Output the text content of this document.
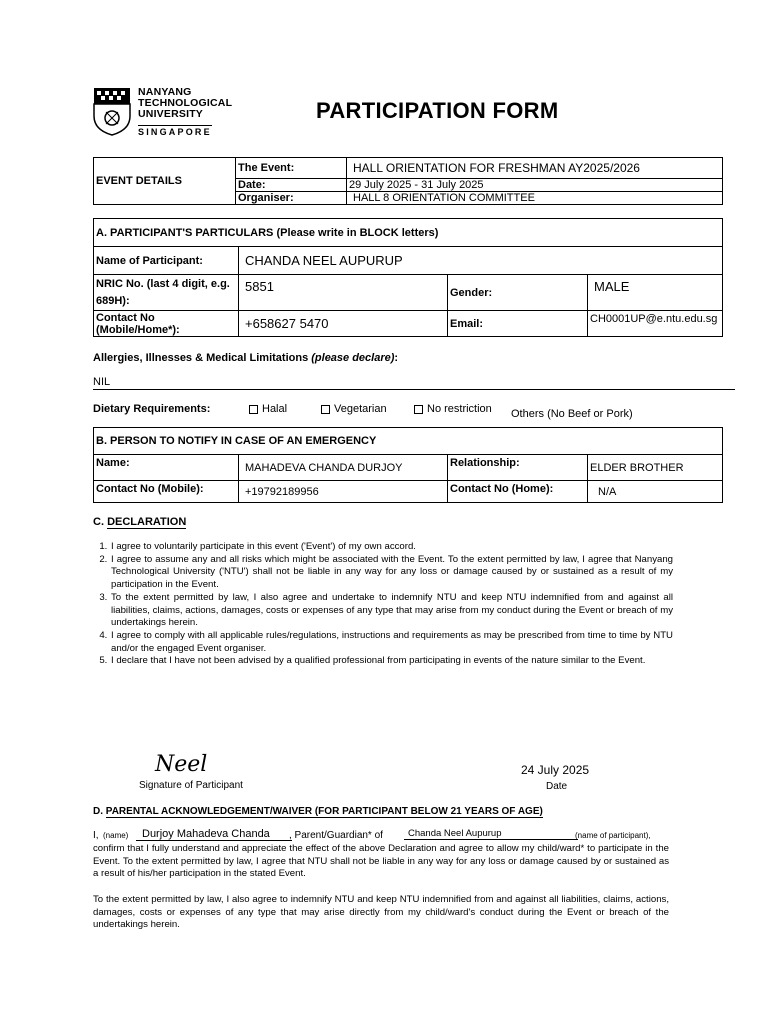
NANYANG
TECHNOLOGICAL
UNIVERSITY
SINGAPORE
PARTICIPATION FORM
EVENT DETAILS	The Event:	HALL ORIENTATION FOR FRESHMAN AY2025/2026
	Date:	29 July 2025 - 31 July 2025
	Organiser:	HALL 8 ORIENTATION COMMITTEE
A. PARTICIPANT'S PARTICULARS (Please write in BLOCK letters)			
Name of Participant:	CHANDA NEEL AUPURUP		
NRIC No. (last 4 digit, e.g. 689H):	5851	Gender:	MALE
Contact No (Mobile/Home*):	+658627 5470	Email:	CH0001UP@e.ntu.edu.sg
Allergies, Illnesses & Medical Limitations (please declare):
NIL
Dietary Requirements:	Halal	Vegetarian	No restriction Others (No Beef or Pork)
B. PERSON TO NOTIFY IN CASE OF AN EMERGENCY			
Name:	MAHADEVA CHANDA DURJOY	Relationship:	ELDER BROTHER
Contact No (Mobile):	+19792189956	Contact No (Home):	N/A
C. DECLARATION
1. I agree to voluntarily participate in this event ('Event') of my own accord.
2. I agree to assume any and all risks which might be associated with the Event. To the extent permitted by law, I agree that Nanyang Technological University ('NTU') shall not be liable in any way for any loss or damage caused by or sustained as a result of my participation in the Event.
3. To the extent permitted by law, I also agree and undertake to indemnify NTU and keep NTU indemnified from and against all liabilities, claims, actions, damages, costs or expenses of any type that may arise from my conduct during the Event or breach of my undertakings herein.
4. I agree to comply with all applicable rules/regulations, instructions and requirements as may be prescribed from time to time by NTU and/or the engaged Event organiser.
5. I declare that I have not been advised by a qualified professional from participating in events of the nature similar to the Event.
Neel
Signature of Participant
24 July 2025
Date
D. PARENTAL ACKNOWLEDGEMENT/WAIVER (FOR PARTICIPANT BELOW 21 YEARS OF AGE)
I, (name)	Durjoy Mahadeva Chanda	, Parent/Guardian* of	Chanda Neel Aupurup	(name of participant),
confirm that I fully understand and appreciate the effect of the above Declaration and agree to allow my child/ward* to participate in the Event. To the extent permitted by law, I agree that NTU shall not be liable in any way for any loss or damage caused by or sustained as a result of his/her participation in the stated Event.
To the extent permitted by law, I also agree to indemnify NTU and keep NTU indemnified from and against all liabilities, claims, actions, damages, costs or expenses of any type that may arise directly from my child/ward's conduct during the Event or breach of the undertakings herein.
